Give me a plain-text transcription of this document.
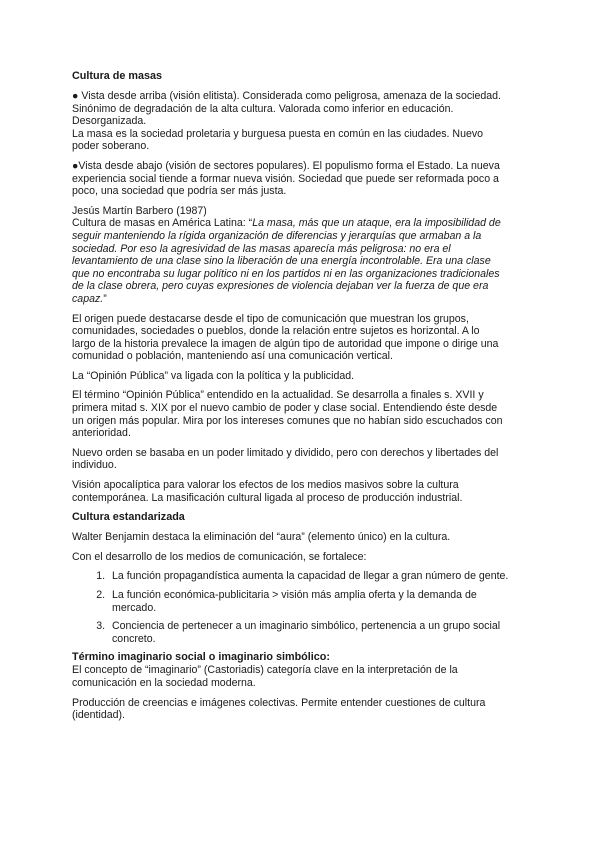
Cultura de masas

● Vista desde arriba (visión elitista). Considerada como peligrosa, amenaza de la sociedad.
Sinónimo de degradación de la alta cultura. Valorada como inferior en educación.
Desorganizada.
La masa es la sociedad proletaria y burguesa puesta en común en las ciudades. Nuevo
poder soberano.

●Vista desde abajo (visión de sectores populares). El populismo forma el Estado. La nueva
experiencia social tiende a formar nueva visión. Sociedad que puede ser reformada poco a
poco, una sociedad que podría ser más justa.

Jesús Martín Barbero (1987)
Cultura de masas en América Latina: “La masa, más que un ataque, era la imposibilidad de
seguir manteniendo la rígida organización de diferencias y jerarquías que armaban a la
sociedad. Por eso la agresividad de las masas aparecía más peligrosa: no era el
levantamiento de una clase sino la liberación de una energía incontrolable. Era una clase
que no encontraba su lugar político ni en los partidos ni en las organizaciones tradicionales
de la clase obrera, pero cuyas expresiones de violencia dejaban ver la fuerza de que era
capaz.”

El origen puede destacarse desde el tipo de comunicación que muestran los grupos,
comunidades, sociedades o pueblos, donde la relación entre sujetos es horizontal. A lo
largo de la historia prevalece la imagen de algún tipo de autoridad que impone o dirige una
comunidad o población, manteniendo así una comunicación vertical.

La “Opinión Pública” va ligada con la política y la publicidad.

El término “Opinión Pública” entendido en la actualidad. Se desarrolla a finales s. XVII y
primera mitad s. XIX por el nuevo cambio de poder y clase social. Entendiendo éste desde
un origen más popular. Mira por los intereses comunes que no habían sido escuchados con
anterioridad.

Nuevo orden se basaba en un poder limitado y dividido, pero con derechos y libertades del
individuo.

Visión apocalíptica para valorar los efectos de los medios masivos sobre la cultura
contemporánea. La masificación cultural ligada al proceso de producción industrial.

Cultura estandarizada

Walter Benjamin destaca la eliminación del “aura” (elemento único) en la cultura.

Con el desarrollo de los medios de comunicación, se fortalece:

1. La función propagandística aumenta la capacidad de llegar a gran número de gente.
2. La función económica-publicitaria > visión más amplia oferta y la demanda de
mercado.
3. Conciencia de pertenecer a un imaginario simbólico, pertenencia a un grupo social
concreto.
Término imaginario social o imaginario simbólico:

El concepto de “imaginario” (Castoriadis) categoría clave en la interpretación de la
comunicación en la sociedad moderna.

Producción de creencias e imágenes colectivas. Permite entender cuestiones de cultura
(identidad).
